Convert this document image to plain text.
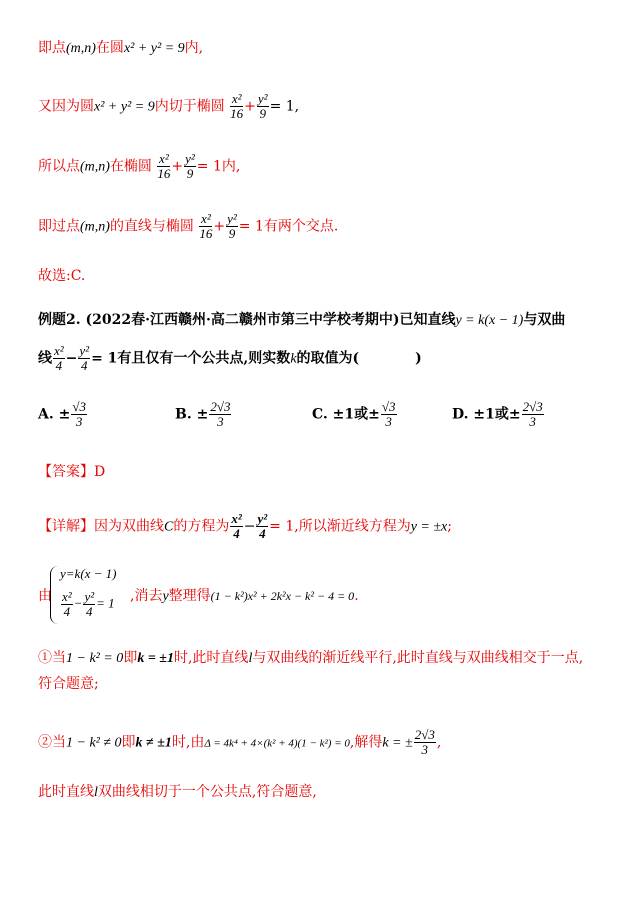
即点(m,n)在圆x² + y² = 9内,
又因为圆x² + y² = 9内切于椭圆 $\frac{\text{x²}}{16} + \frac{\text{y²}}{9} = 1$,
所以点(m,n)在椭圆 $\frac{\text{x²}}{16} + \frac{\text{y²}}{9} = 1$内,
即过点(m,n)的直线与椭圆 $\frac{\text{x²}}{16} + \frac{\text{y²}}{9} = 1$有两个交点.
故选:C.
例题2. (2022春·江西赣州·高二赣州市第三中学校考期中)已知直线y = k(x − 1)与双曲
线 $\frac{\text{x²}}{4} - \frac{\text{y²}}{4} = 1$有且仅有一个公共点,则实数k的取值为(　　　　)
A. ± $\frac{√3}{3}$	B. ± $\frac{2√3}{3}$	C. ±1或± $\frac{√3}{3}$	D. ±1或± $\frac{2√3}{3}$
【答案】D
【详解】因为双曲线C的方程为 $\frac{\text{x²}}{4} - \frac{\text{y²}}{4} = 1$,所以渐近线方程为y = ±x;
由
y=k(x − 1)
$\frac{\text{x²}}{4} - \frac{\text{y²}}{4} = 1$ ,消去y整理得(1 − k²)x² + 2k²x − k² − 4 = 0.
①当1 − k² = 0即k = ±1时,此时直线l与双曲线的渐近线平行,此时直线与双曲线相交于一点,
符合题意;
②当1 − k² ≠ 0即k ≠ ±1时,由Δ = 4k⁴ + 4×(k² + 4)(1 − k²) = 0,解得k = ± $\frac{2√3}{3}$ ,
此时直线l双曲线相切于一个公共点,符合题意,
